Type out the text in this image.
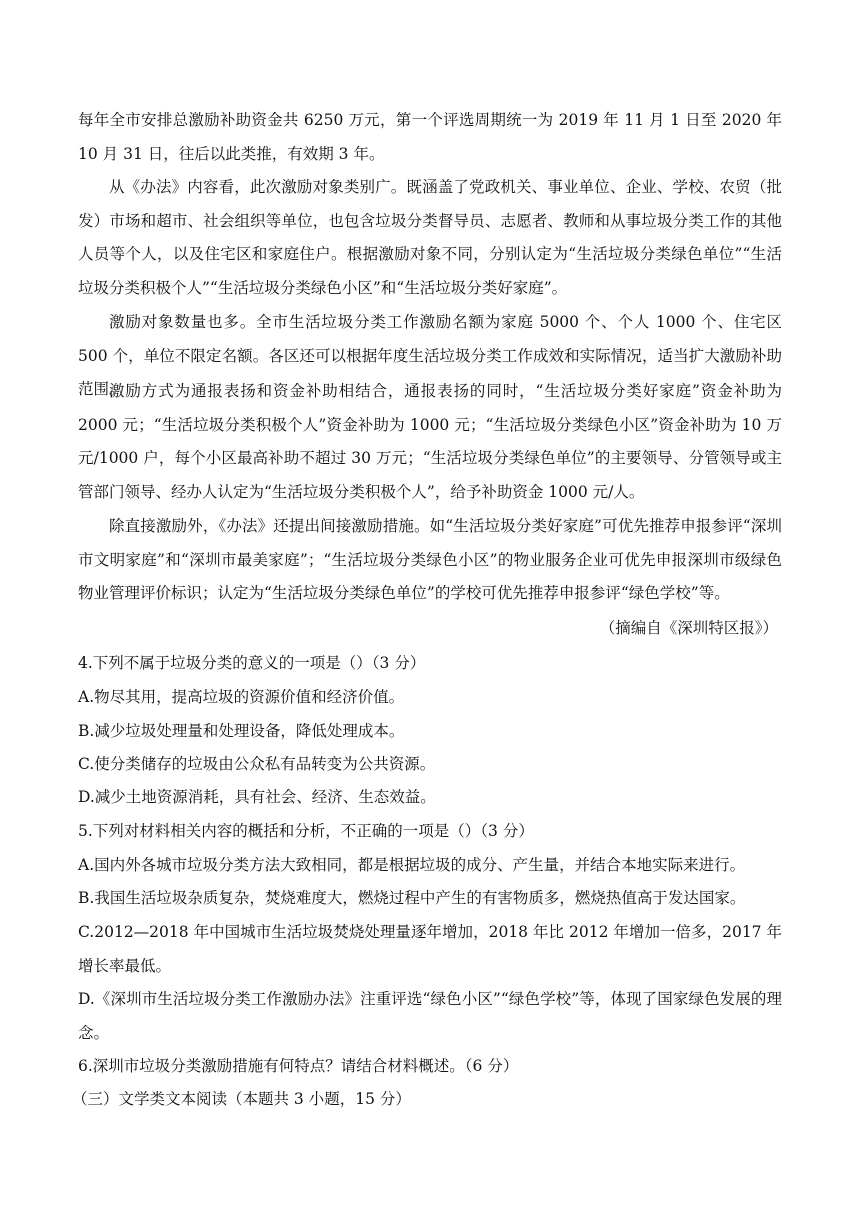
每年全市安排总激励补助资金共 6250 万元，第一个评选周期统一为 2019 年 11 月 1 日至 2020 年 10 月 31 日，往后以此类推，有效期 3 年。

从《办法》内容看，此次激励对象类别广。既涵盖了党政机关、事业单位、企业、学校、农贸（批发）市场和超市、社会组织等单位，也包含垃圾分类督导员、志愿者、教师和从事垃圾分类工作的其他人员等个人，以及住宅区和家庭住户。根据激励对象不同，分别认定为“生活垃圾分类绿色单位”“生活垃圾分类积极个人”“生活垃圾分类绿色小区”和“生活垃圾分类好家庭”。

激励对象数量也多。全市生活垃圾分类工作激励名额为家庭 5000 个、个人 1000 个、住宅区 500 个，单位不限定名额。各区还可以根据年度生活垃圾分类工作成效和实际情况，适当扩大激励补助范围。

激励方式为通报表扬和资金补助相结合，通报表扬的同时，“生活垃圾分类好家庭”资金补助为 2000 元；“生活垃圾分类积极个人”资金补助为 1000 元；“生活垃圾分类绿色小区”资金补助为 10 万元/1000 户，每个小区最高补助不超过 30 万元；“生活垃圾分类绿色单位”的主要领导、分管领导或主管部门领导、经办人认定为“生活垃圾分类积极个人”，给予补助资金 1000 元/人。

除直接激励外，《办法》还提出间接激励措施。如“生活垃圾分类好家庭”可优先推荐申报参评“深圳市文明家庭”和“深圳市最美家庭”；“生活垃圾分类绿色小区”的物业服务企业可优先申报深圳市级绿色物业管理评价标识；认定为“生活垃圾分类绿色单位”的学校可优先推荐申报参评“绿色学校”等。

（摘编自《深圳特区报》）

4.下列不属于垃圾分类的意义的一项是（）（3 分）

A.物尽其用，提高垃圾的资源价值和经济价值。

B.减少垃圾处理量和处理设备，降低处理成本。

C.使分类储存的垃圾由公众私有品转变为公共资源。

D.减少土地资源消耗，具有社会、经济、生态效益。

5.下列对材料相关内容的概括和分析，不正确的一项是（）（3 分）

A.国内外各城市垃圾分类方法大致相同，都是根据垃圾的成分、产生量，并结合本地实际来进行。

B.我国生活垃圾杂质复杂，焚烧难度大，燃烧过程中产生的有害物质多，燃烧热值高于发达国家。

C.2012—2018 年中国城市生活垃圾焚烧处理量逐年增加，2018 年比 2012 年增加一倍多，2017 年增长率最低。

D.《深圳市生活垃圾分类工作激励办法》注重评选“绿色小区”“绿色学校”等，体现了国家绿色发展的理念。

6.深圳市垃圾分类激励措施有何特点？请结合材料概述。（6 分）

（三）文学类文本阅读（本题共 3 小题，15 分）
